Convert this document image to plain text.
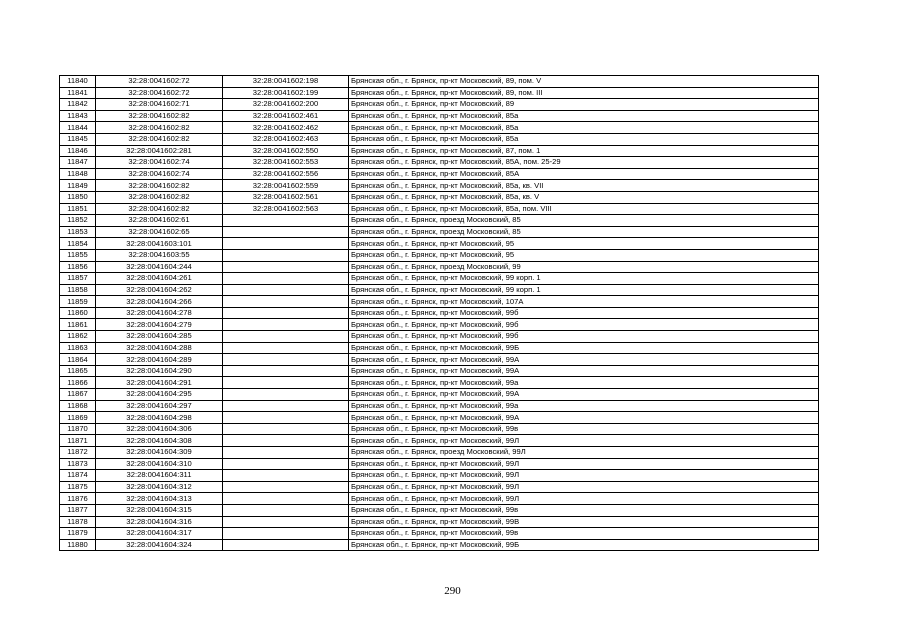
11840	32:28:0041602:72	32:28:0041602:198	Брянская обл., г. Брянск, пр-кт Московский, 89, пом. V
11841	32:28:0041602:72	32:28:0041602:199	Брянская обл., г. Брянск, пр-кт Московский, 89, пом. III
11842	32:28:0041602:71	32:28:0041602:200	Брянская обл., г. Брянск, пр-кт Московский, 89
11843	32:28:0041602:82	32:28:0041602:461	Брянская обл., г. Брянск, пр-кт Московский, 85а
11844	32:28:0041602:82	32:28:0041602:462	Брянская обл., г. Брянск, пр-кт Московский, 85а
11845	32:28:0041602:82	32:28:0041602:463	Брянская обл., г. Брянск, пр-кт Московский, 85а
11846	32:28:0041602:281	32:28:0041602:550	Брянская обл., г. Брянск, пр-кт Московский, 87, пом. 1
11847	32:28:0041602:74	32:28:0041602:553	Брянская обл., г. Брянск, пр-кт Московский, 85А, пом. 25-29
11848	32:28:0041602:74	32:28:0041602:556	Брянская обл., г. Брянск, пр-кт Московский, 85А
11849	32:28:0041602:82	32:28:0041602:559	Брянская обл., г. Брянск, пр-кт Московский, 85а, кв. VII
11850	32:28:0041602:82	32:28:0041602:561	Брянская обл., г. Брянск, пр-кт Московский, 85а, кв. V
11851	32:28:0041602:82	32:28:0041602:563	Брянская обл., г. Брянск, пр-кт Московский, 85а, пом. VIII
11852	32:28:0041602:61		Брянская обл., г. Брянск, проезд Московский, 85
11853	32:28:0041602:65		Брянская обл., г. Брянск, проезд Московский, 85
11854	32:28:0041603:101		Брянская обл., г. Брянск, пр-кт Московский, 95
11855	32:28:0041603:55		Брянская обл., г. Брянск, пр-кт Московский, 95
11856	32:28:0041604:244		Брянская обл., г. Брянск, проезд Московский, 99
11857	32:28:0041604:261		Брянская обл., г. Брянск, пр-кт Московский, 99 корп. 1
11858	32:28:0041604:262		Брянская обл., г. Брянск, пр-кт Московский, 99 корп. 1
11859	32:28:0041604:266		Брянская обл., г. Брянск, пр-кт Московский, 107А
11860	32:28:0041604:278		Брянская обл., г. Брянск, пр-кт Московский, 99б
11861	32:28:0041604:279		Брянская обл., г. Брянск, пр-кт Московский, 99б
11862	32:28:0041604:285		Брянская обл., г. Брянск, пр-кт Московский, 99б
11863	32:28:0041604:288		Брянская обл., г. Брянск, пр-кт Московский, 99Б
11864	32:28:0041604:289		Брянская обл., г. Брянск, пр-кт Московский, 99А
11865	32:28:0041604:290		Брянская обл., г. Брянск, пр-кт Московский, 99А
11866	32:28:0041604:291		Брянская обл., г. Брянск, пр-кт Московский, 99а
11867	32:28:0041604:295		Брянская обл., г. Брянск, пр-кт Московский, 99А
11868	32:28:0041604:297		Брянская обл., г. Брянск, пр-кт Московский, 99а
11869	32:28:0041604:298		Брянская обл., г. Брянск, пр-кт Московский, 99А
11870	32:28:0041604:306		Брянская обл., г. Брянск, пр-кт Московский, 99в
11871	32:28:0041604:308		Брянская обл., г. Брянск, пр-кт Московский, 99Л
11872	32:28:0041604:309		Брянская обл., г. Брянск, проезд Московский, 99Л
11873	32:28:0041604:310		Брянская обл., г. Брянск, пр-кт Московский, 99Л
11874	32:28:0041604:311		Брянская обл., г. Брянск, пр-кт Московский, 99Л
11875	32:28:0041604:312		Брянская обл., г. Брянск, пр-кт Московский, 99Л
11876	32:28:0041604:313		Брянская обл., г. Брянск, пр-кт Московский, 99Л
11877	32:28:0041604:315		Брянская обл., г. Брянск, пр-кт Московский, 99в
11878	32:28:0041604:316		Брянская обл., г. Брянск, пр-кт Московский, 99В
11879	32:28:0041604:317		Брянская обл., г. Брянск, пр-кт Московский, 99в
11880	32:28:0041604:324		Брянская обл., г. Брянск, пр-кт Московский, 99Б
290
